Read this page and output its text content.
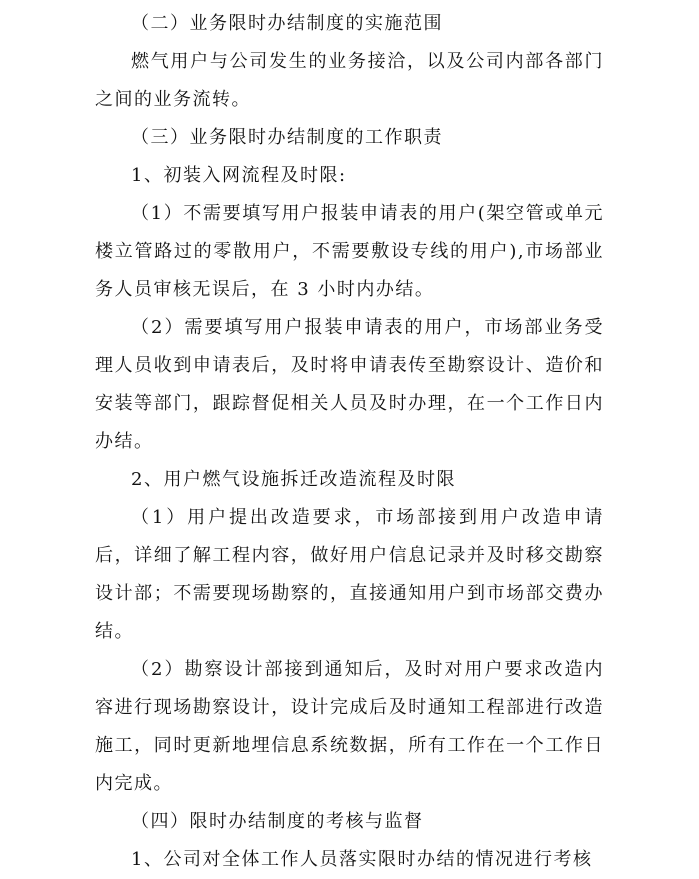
（二）业务限时办结制度的实施范围

燃气用户与公司发生的业务接洽，以及公司内部各部门之间的业务流转。

（三）业务限时办结制度的工作职责

1、初装入网流程及时限:

（1）不需要填写用户报装申请表的用户(架空管或单元楼立管路过的零散用户，不需要敷设专线的用户),市场部业务人员审核无误后，在 3 小时内办结。

（2）需要填写用户报装申请表的用户，市场部业务受理人员收到申请表后，及时将申请表传至勘察设计、造价和安装等部门，跟踪督促相关人员及时办理，在一个工作日内办结。

2、用户燃气设施拆迁改造流程及时限

（1）用户提出改造要求，市场部接到用户改造申请后，详细了解工程内容，做好用户信息记录并及时移交勘察设计部；不需要现场勘察的，直接通知用户到市场部交费办结。

（2）勘察设计部接到通知后，及时对用户要求改造内容进行现场勘察设计，设计完成后及时通知工程部进行改造施工，同时更新地埋信息系统数据，所有工作在一个工作日内完成。

（四）限时办结制度的考核与监督

1、公司对全体工作人员落实限时办结的情况进行考核
